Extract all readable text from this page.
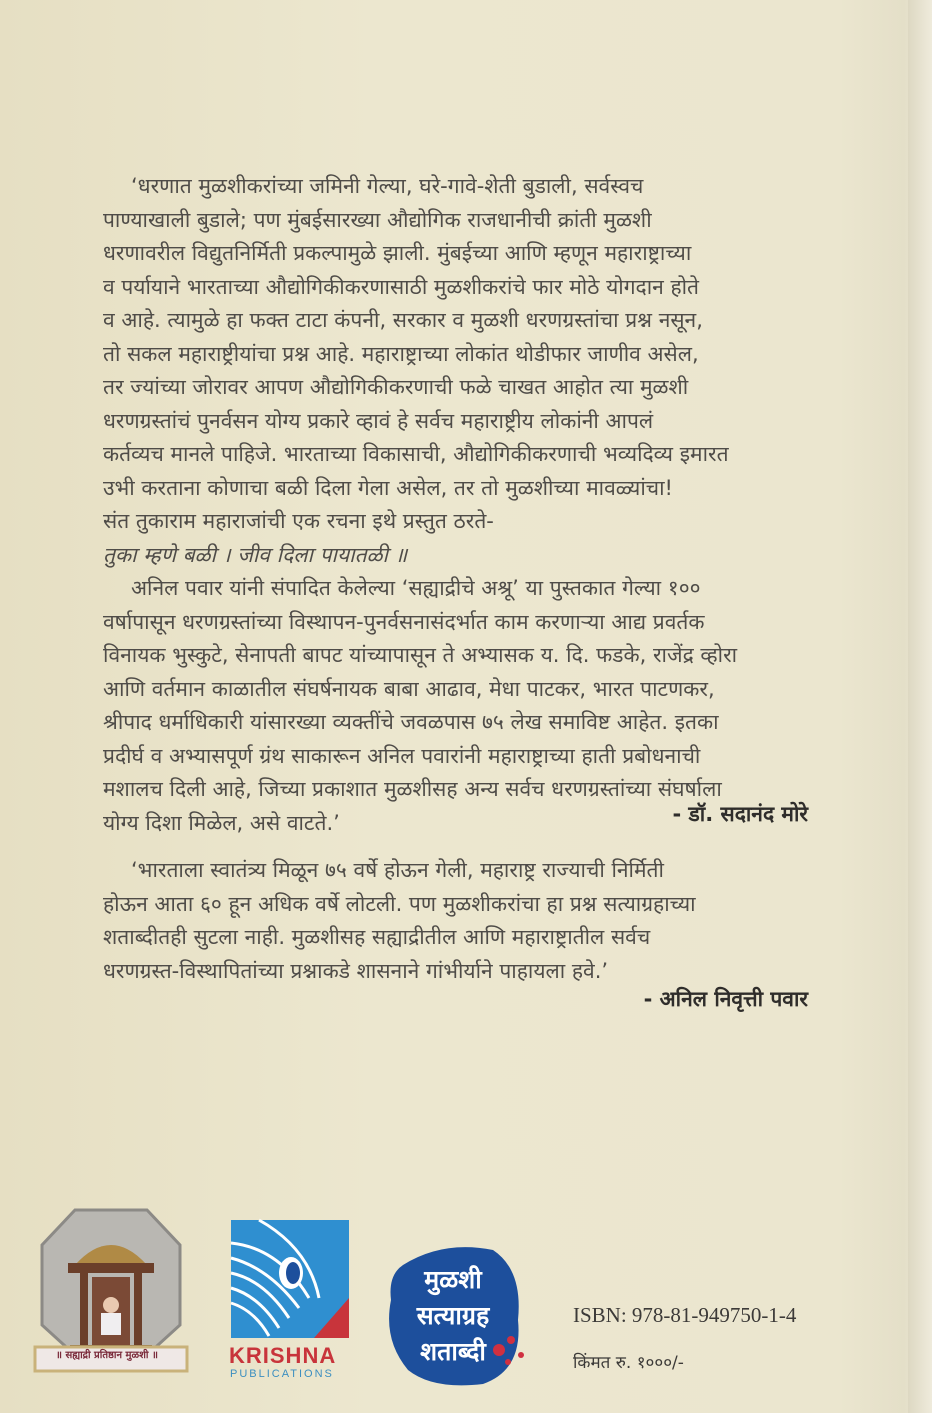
‘धरणात मुळशीकरांच्या जमिनी गेल्या, घरे-गावे-शेती बुडाली, सर्वस्वच
पाण्याखाली बुडाले; पण मुंबईसारख्या औद्योगिक राजधानीची क्रांती मुळशी
धरणावरील विद्युतनिर्मिती प्रकल्पामुळे झाली. मुंबईच्या आणि म्हणून महाराष्ट्राच्या
व पर्यायाने भारताच्या औद्योगिकीकरणासाठी मुळशीकरांचे फार मोठे योगदान होते
व आहे. त्यामुळे हा फक्त टाटा कंपनी, सरकार व मुळशी धरणग्रस्तांचा प्रश्न नसून,
तो सकल महाराष्ट्रीयांचा प्रश्न आहे. महाराष्ट्राच्या लोकांत थोडीफार जाणीव असेल,
तर ज्यांच्या जोरावर आपण औद्योगिकीकरणाची फळे चाखत आहोत त्या मुळशी
धरणग्रस्तांचं पुनर्वसन योग्य प्रकारे व्हावं हे सर्वच महाराष्ट्रीय लोकांनी आपलं
कर्तव्यच मानले पाहिजे. भारताच्या विकासाची, औद्योगिकीकरणाची भव्यदिव्य इमारत
उभी करताना कोणाचा बळी दिला गेला असेल, तर तो मुळशीच्या मावळ्यांचा!
संत तुकाराम महाराजांची एक रचना इथे प्रस्तुत ठरते-
तुका म्हणे बळी । जीव दिला पायातळी ॥
अनिल पवार यांनी संपादित केलेल्या ‘सह्याद्रीचे अश्रू’ या पुस्तकात गेल्या १००
वर्षापासून धरणग्रस्तांच्या विस्थापन-पुनर्वसनासंदर्भात काम करणाऱ्या आद्य प्रवर्तक
विनायक भुस्कुटे, सेनापती बापट यांच्यापासून ते अभ्यासक य. दि. फडके, राजेंद्र व्होरा
आणि वर्तमान काळातील संघर्षनायक बाबा आढाव, मेधा पाटकर, भारत पाटणकर,
श्रीपाद धर्माधिकारी यांसारख्या व्यक्तींचे जवळपास ७५ लेख समाविष्ट आहेत. इतका
प्रदीर्घ व अभ्यासपूर्ण ग्रंथ साकारून अनिल पवारांनी महाराष्ट्राच्या हाती प्रबोधनाची
मशालच दिली आहे, जिच्या प्रकाशात मुळशीसह अन्य सर्वच धरणग्रस्तांच्या संघर्षाला
योग्य दिशा मिळेल, असे वाटते.’	- डॉ. सदानंद मोरे
‘भारताला स्वातंत्र्य मिळून ७५ वर्षे होऊन गेली, महाराष्ट्र राज्याची निर्मिती
होऊन आता ६० हून अधिक वर्षे लोटली. पण मुळशीकरांचा हा प्रश्न सत्याग्रहाच्या
शताब्दीतही सुटला नाही. मुळशीसह सह्याद्रीतील आणि महाराष्ट्रातील सर्वच
धरणग्रस्त-विस्थापितांच्या प्रश्नाकडे शासनाने गांभीर्याने पाहायला हवे.’
- अनिल निवृत्ती पवार
॥ सह्याद्री प्रतिष्ठान मुळशी ॥	KRISHNA
PUBLICATIONS
मुळशी
सत्याग्रह
शताब्दी
ISBN: 978-81-949750-1-4
किंमत रु. १०००/-
